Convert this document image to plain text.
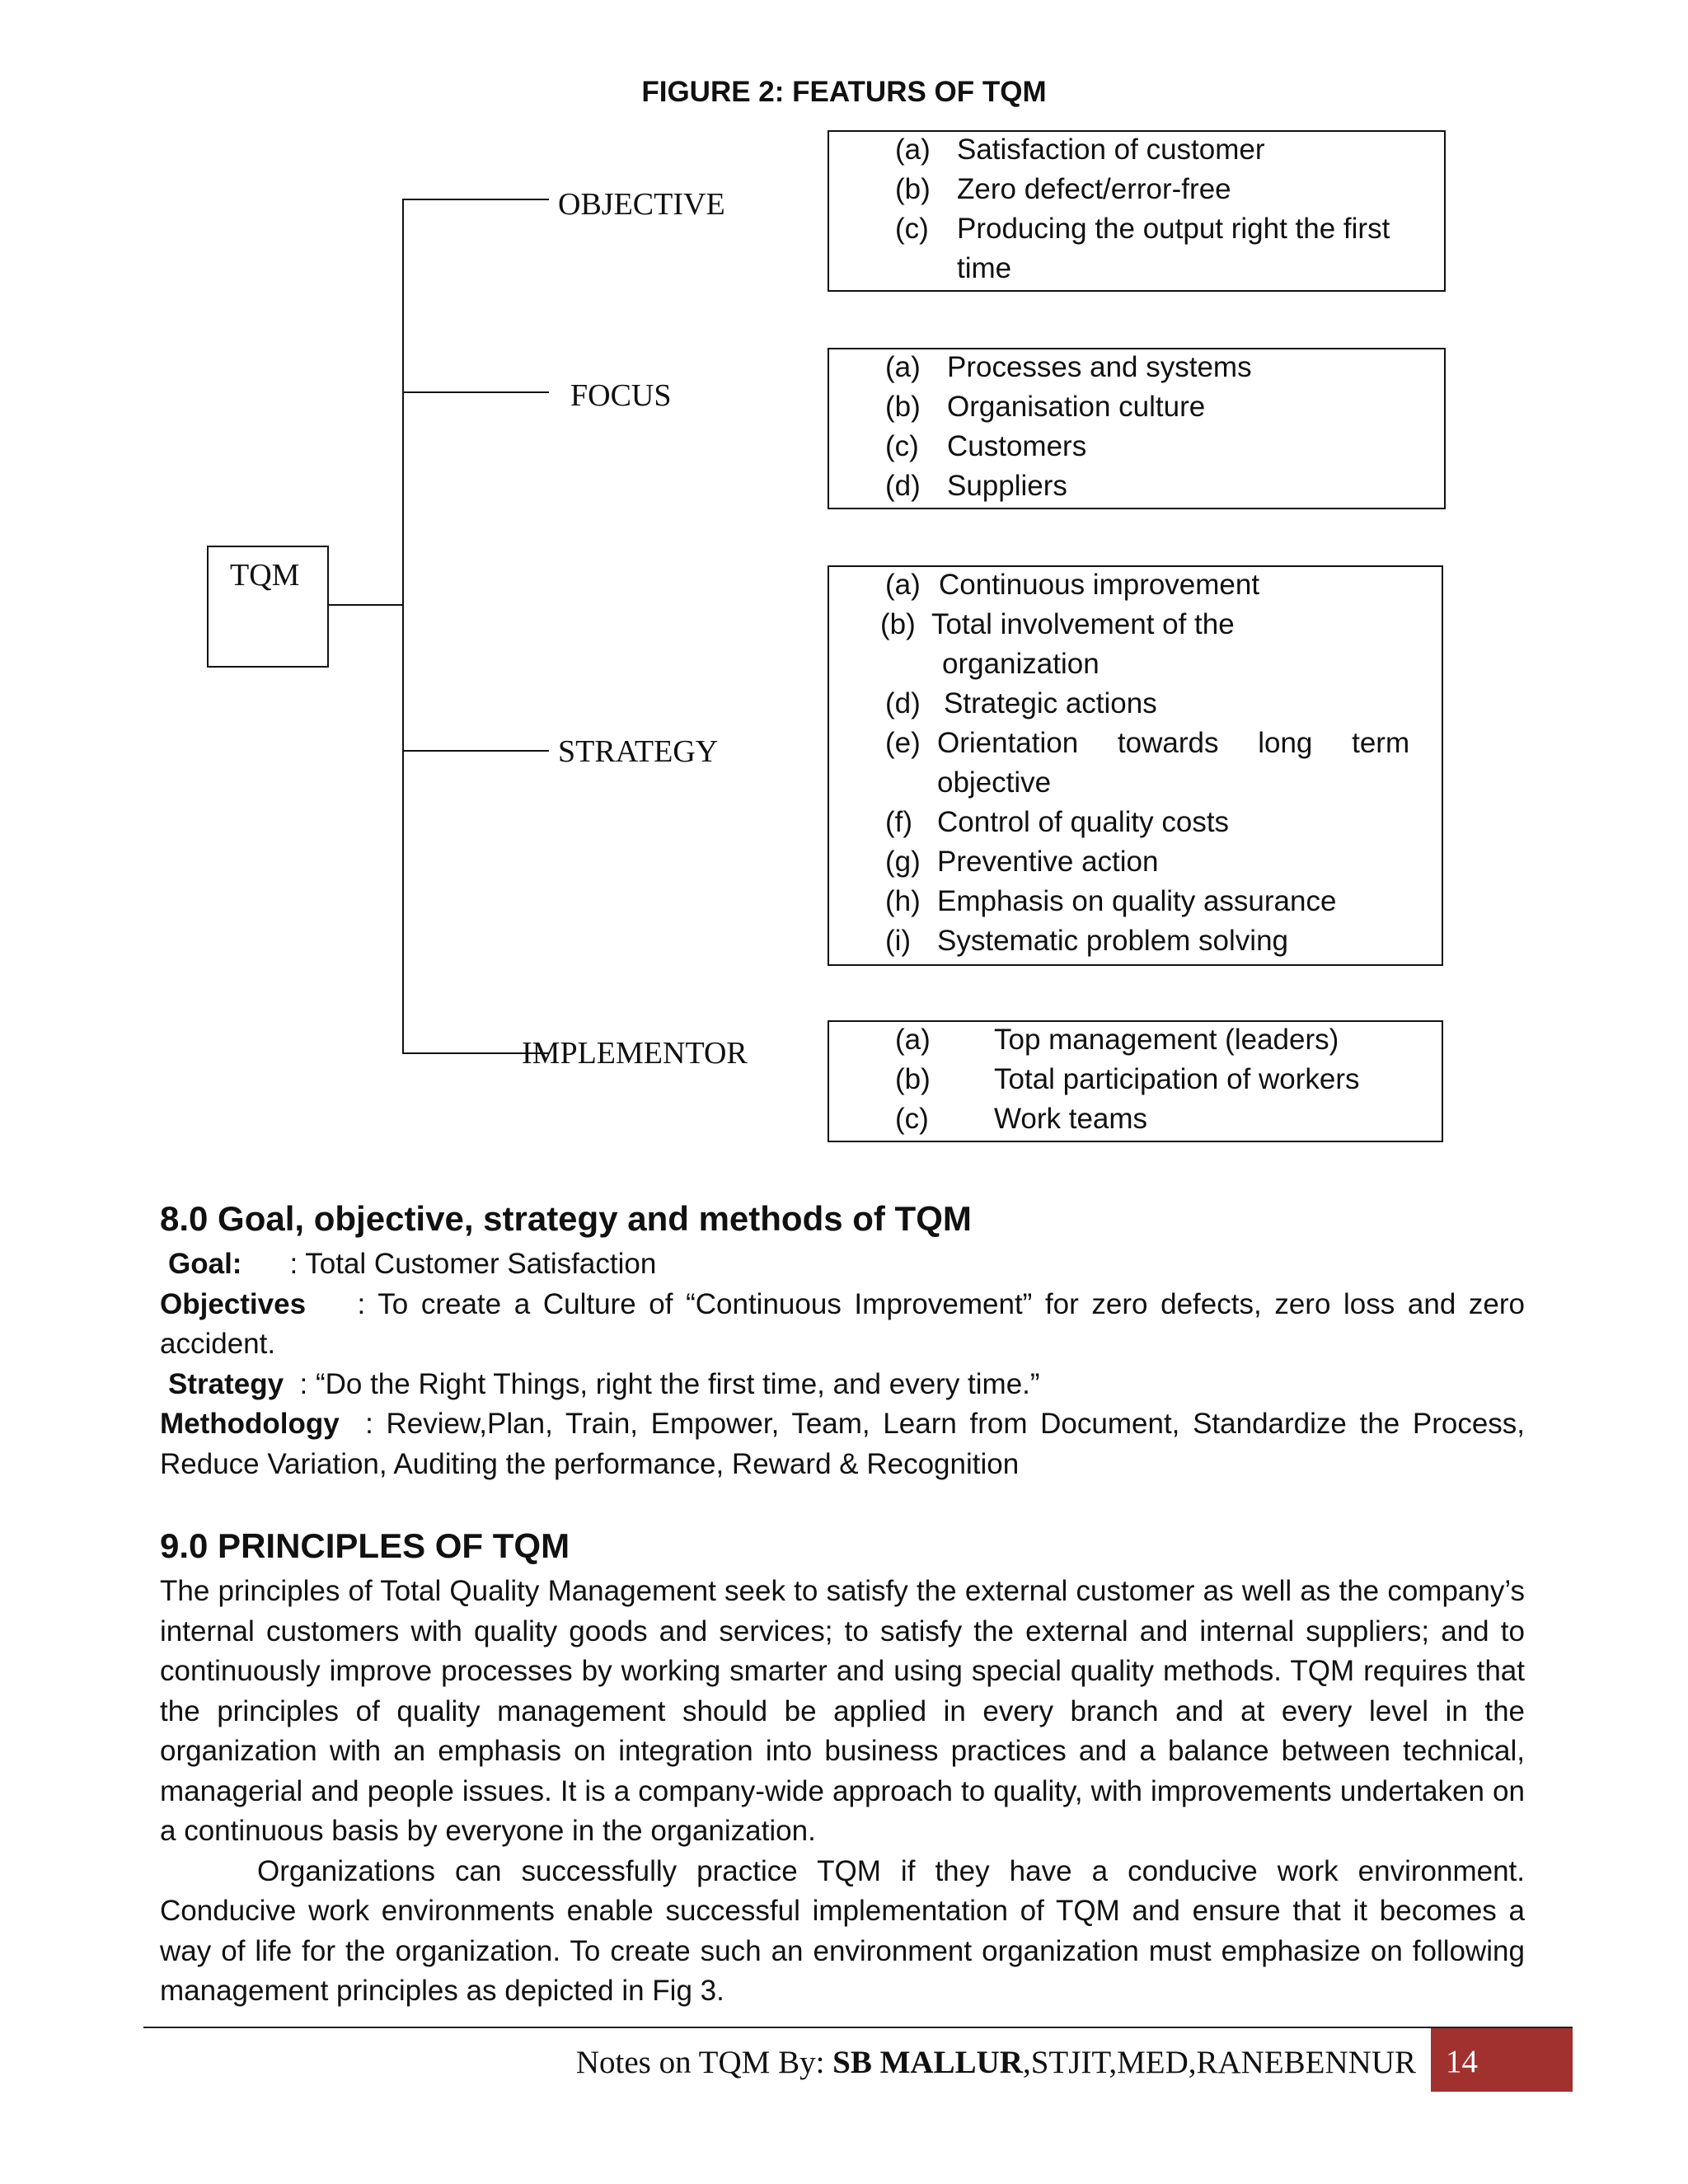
FIGURE 2: FEATURS OF TQM
TQM
OBJECTIVE
FOCUS
STRATEGY
IMPLEMENTOR
(a) Satisfaction of customer
(b) Zero defect/error-free
(c) Producing the output right the first
time
(a) Processes and systems
(b) Organisation culture
(c) Customers
(d) Suppliers
(a) Continuous improvement
(b) Total involvement of the
organization
(d) Strategic actions
(e) Orientation towards long term
objective
(f) Control of quality costs
(g) Preventive action
(h) Emphasis on quality assurance
(i) Systematic problem solving
(a) Top management (leaders)
(b) Total participation of workers
(c) Work teams
8.0 Goal, objective, strategy and methods of TQM
Goal: : Total Customer Satisfaction
Objectives : To create a Culture of “Continuous Improvement” for zero defects, zero loss and zero accident.
Strategy : “Do the Right Things, right the first time, and every time.”
Methodology : Review,Plan, Train, Empower, Team, Learn from Document, Standardize the Process, Reduce Variation, Auditing the performance, Reward & Recognition
9.0 PRINCIPLES OF TQM
The principles of Total Quality Management seek to satisfy the external customer as well as the company’s internal customers with quality goods and services; to satisfy the external and internal suppliers; and to continuously improve processes by working smarter and using special quality methods. TQM requires that the principles of quality management should be applied in every branch and at every level in the organization with an emphasis on integration into business practices and a balance between technical, managerial and people issues. It is a company-wide approach to quality, with improvements undertaken on a continuous basis by everyone in the organization.
Organizations can successfully practice TQM if they have a conducive work environment. Conducive work environments enable successful implementation of TQM and ensure that it becomes a way of life for the organization. To create such an environment organization must emphasize on following management principles as depicted in Fig 3.
Notes on TQM By: SB MALLUR,STJIT,MED,RANEBENNUR 14
